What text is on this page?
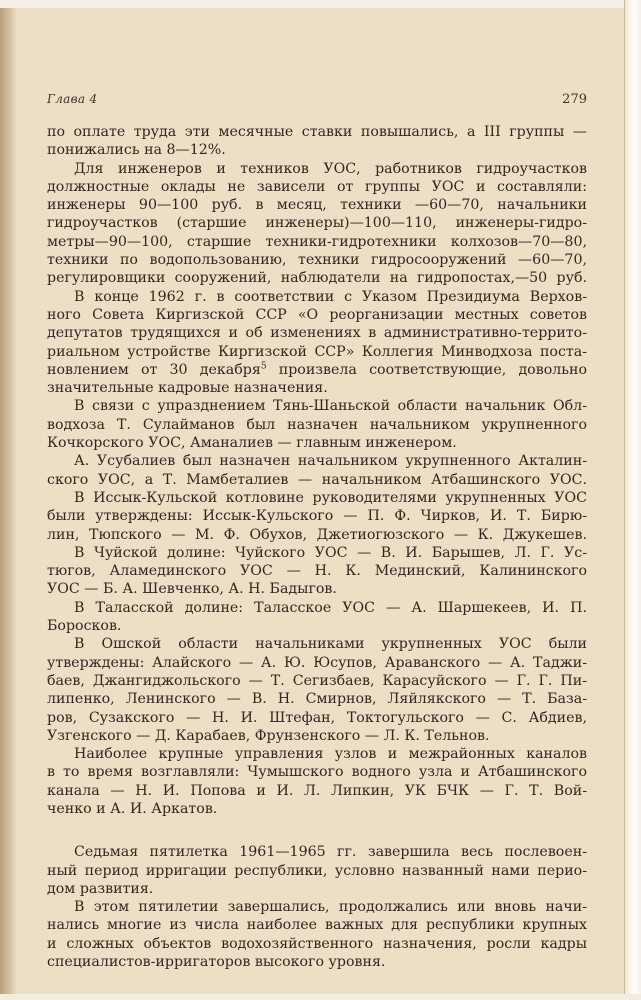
Глава 4	279
по оплате труда эти месячные ставки повышались, а III группы —
понижались на 8—12%.
Для инженеров и техников УОС, работников гидроучастков
должностные оклады не зависели от группы УОС и составляли:
инженеры 90—100 руб. в месяц, техники —60—70, начальники
гидроучастков (старшие инженеры)—100—110, инженеры-гидро-
метры—90—100, старшие техники-гидротехники колхозов—70—80,
техники по водопользованию, техники гидросооружений —60—70,
регулировщики сооружений, наблюдатели на гидропостах,—50 руб.
В конце 1962 г. в соответствии с Указом Президиума Верхов-
ного Совета Киргизской ССР «О реорганизации местных советов
депутатов трудящихся и об изменениях в административно-террито-
риальном устройстве Киргизской ССР» Коллегия Минводхоза поста-
новлением от 30 декабря$^5$ произвела соответствующие, довольно
значительные кадровые назначения.
В связи с упразднением Тянь-Шаньской области начальник Обл-
водхоза Т. Сулайманов был назначен начальником укрупненного
Кочкорского УОС, Аманалиев — главным инженером.
А. Усубалиев был назначен начальником укрупненного Акталин-
ского УОС, а Т. Мамбеталиев — начальником Атбашинского УОС.
В Иссык-Кульской котловине руководителями укрупненных УОС
были утверждены: Иссык-Кульского — П. Ф. Чирков, И. Т. Бирю-
лин, Тюпского — М. Ф. Обухов, Джетиогюзского — К. Джукешев.
В Чуйской долине: Чуйского УОС — В. И. Барышев, Л. Г. Ус-
тюгов, Аламединского УОС — Н. К. Мединский, Калининского
УОС — Б. А. Шевченко, А. Н. Бадыгов.
В Таласской долине: Таласское УОС — А. Шаршекеев, И. П.
Боросков.
В Ошской области начальниками укрупненных УОС были
утверждены: Алайского — А. Ю. Юсупов, Араванского — А. Таджи-
баев, Джангиджольского — Т. Сегизбаев, Карасуйского — Г. Г. Пи-
липенко, Ленинского — В. Н. Смирнов, Ляйлякского — Т. База-
ров, Сузакского — Н. И. Штефан, Токтогульского — С. Абдиев,
Узгенского — Д. Карабаев, Фрунзенского — Л. К. Тельнов.
Наиболее крупные управления узлов и межрайонных каналов
в то время возглавляли: Чумышского водного узла и Атбашинского
канала — Н. И. Попова и И. Л. Липкин, УК БЧК — Г. Т. Вой-
ченко и А. И. Аркатов.
Седьмая пятилетка 1961—1965 гг. завершила весь послевоен-
ный период ирригации республики, условно названный нами перио-
дом развития.
В этом пятилетии завершались, продолжались или вновь начи-
нались многие из числа наиболее важных для республики крупных
и сложных объектов водохозяйственного назначения, росли кадры
специалистов-ирригаторов высокого уровня.
